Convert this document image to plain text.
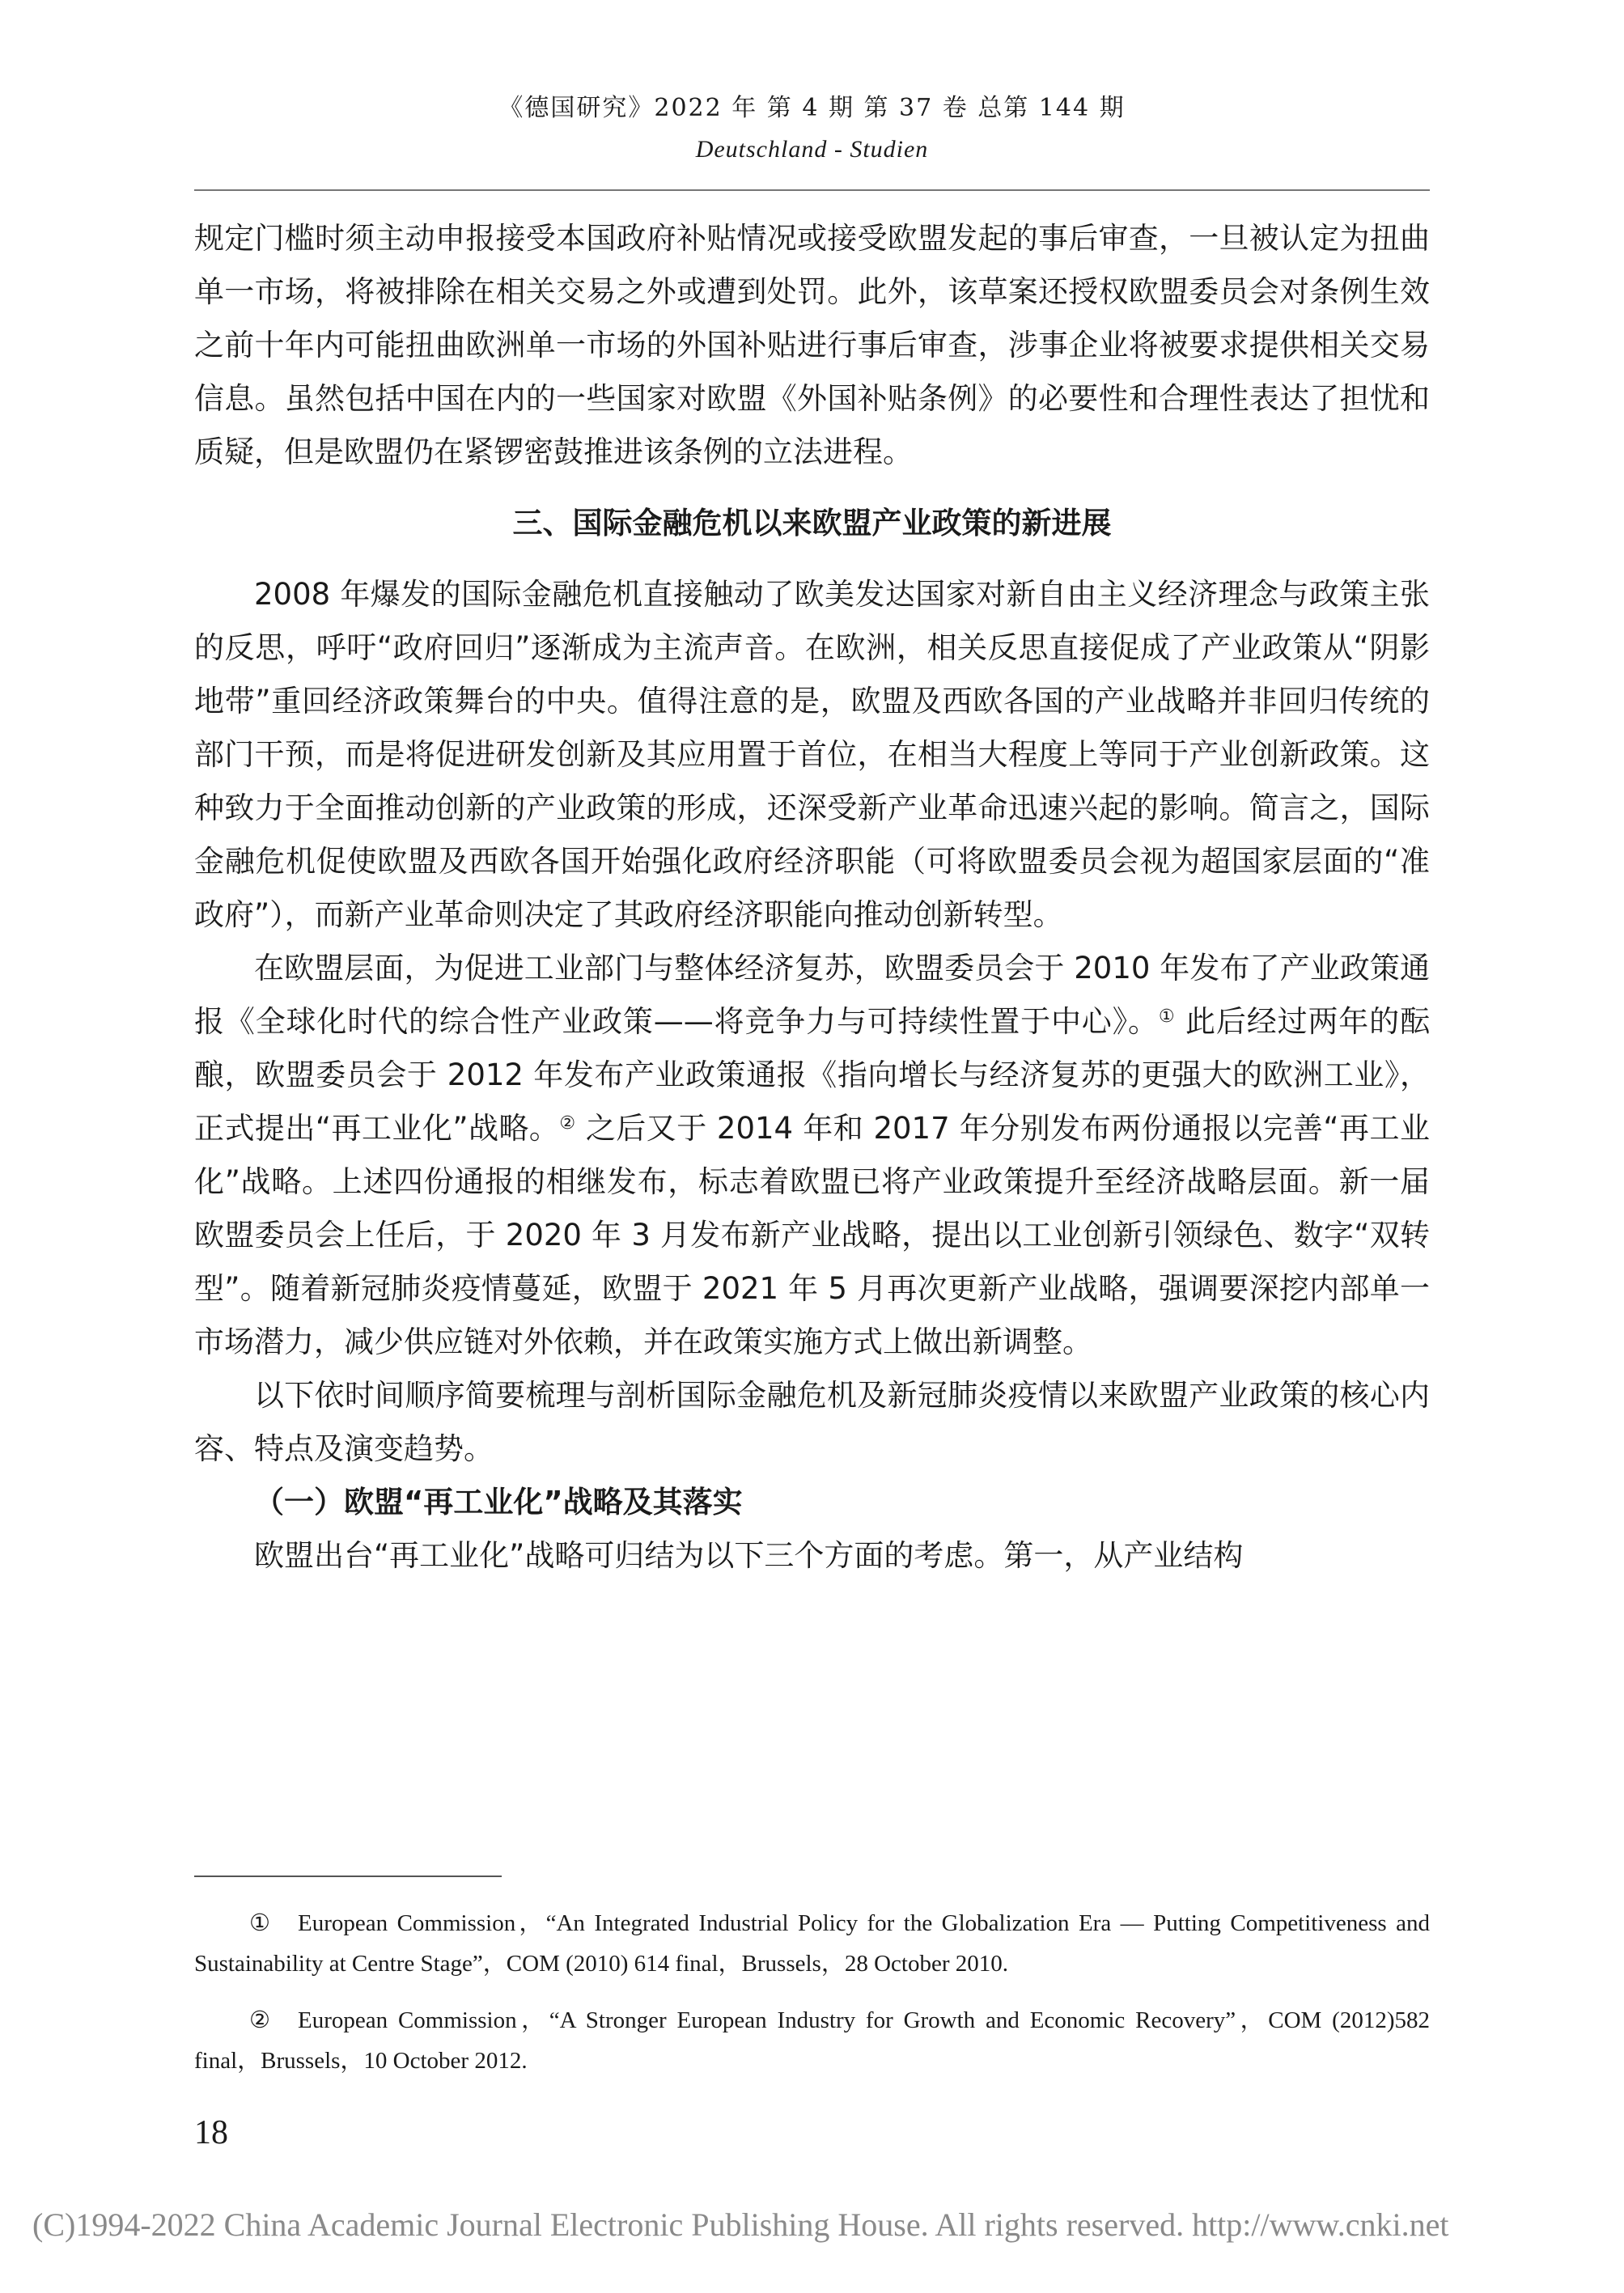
《德国研究》2022 年 第 4 期 第 37 卷 总第 144 期
Deutschland - Studien

规定门槛时须主动申报接受本国政府补贴情况或接受欧盟发起的事后审查，一旦被认定为扭曲单一市场，将被排除在相关交易之外或遭到处罚。此外，该草案还授权欧盟委员会对条例生效之前十年内可能扭曲欧洲单一市场的外国补贴进行事后审查，涉事企业将被要求提供相关交易信息。虽然包括中国在内的一些国家对欧盟《外国补贴条例》的必要性和合理性表达了担忧和质疑，但是欧盟仍在紧锣密鼓推进该条例的立法进程。

三、国际金融危机以来欧盟产业政策的新进展

2008 年爆发的国际金融危机直接触动了欧美发达国家对新自由主义经济理念与政策主张的反思，呼吁“政府回归”逐渐成为主流声音。在欧洲，相关反思直接促成了产业政策从“阴影地带”重回经济政策舞台的中央。值得注意的是，欧盟及西欧各国的产业战略并非回归传统的部门干预，而是将促进研发创新及其应用置于首位，在相当大程度上等同于产业创新政策。这种致力于全面推动创新的产业政策的形成，还深受新产业革命迅速兴起的影响。简言之，国际金融危机促使欧盟及西欧各国开始强化政府经济职能（可将欧盟委员会视为超国家层面的“准政府”），而新产业革命则决定了其政府经济职能向推动创新转型。

在欧盟层面，为促进工业部门与整体经济复苏，欧盟委员会于 2010 年发布了产业政策通报《全球化时代的综合性产业政策——将竞争力与可持续性置于中心》。① 此后经过两年的酝酿，欧盟委员会于 2012 年发布产业政策通报《指向增长与经济复苏的更强大的欧洲工业》，正式提出“再工业化”战略。② 之后又于 2014 年和 2017 年分别发布两份通报以完善“再工业化”战略。上述四份通报的相继发布，标志着欧盟已将产业政策提升至经济战略层面。新一届欧盟委员会上任后，于 2020 年 3 月发布新产业战略，提出以工业创新引领绿色、数字“双转型”。随着新冠肺炎疫情蔓延，欧盟于 2021 年 5 月再次更新产业战略，强调要深挖内部单一市场潜力，减少供应链对外依赖，并在政策实施方式上做出新调整。

以下依时间顺序简要梳理与剖析国际金融危机及新冠肺炎疫情以来欧盟产业政策的核心内容、特点及演变趋势。

（一）欧盟“再工业化”战略及其落实

欧盟出台“再工业化”战略可归结为以下三个方面的考虑。第一，从产业结构

① European Commission，“An Integrated Industrial Policy for the Globalization Era — Putting Competitiveness and Sustainability at Centre Stage”，COM (2010) 614 final，Brussels，28 October 2010.

② European Commission，“A Stronger European Industry for Growth and Economic Recovery”，COM (2012)582 final，Brussels，10 October 2012.

18
(C)1994-2022 China Academic Journal Electronic Publishing House. All rights reserved. http://www.cnki.net
